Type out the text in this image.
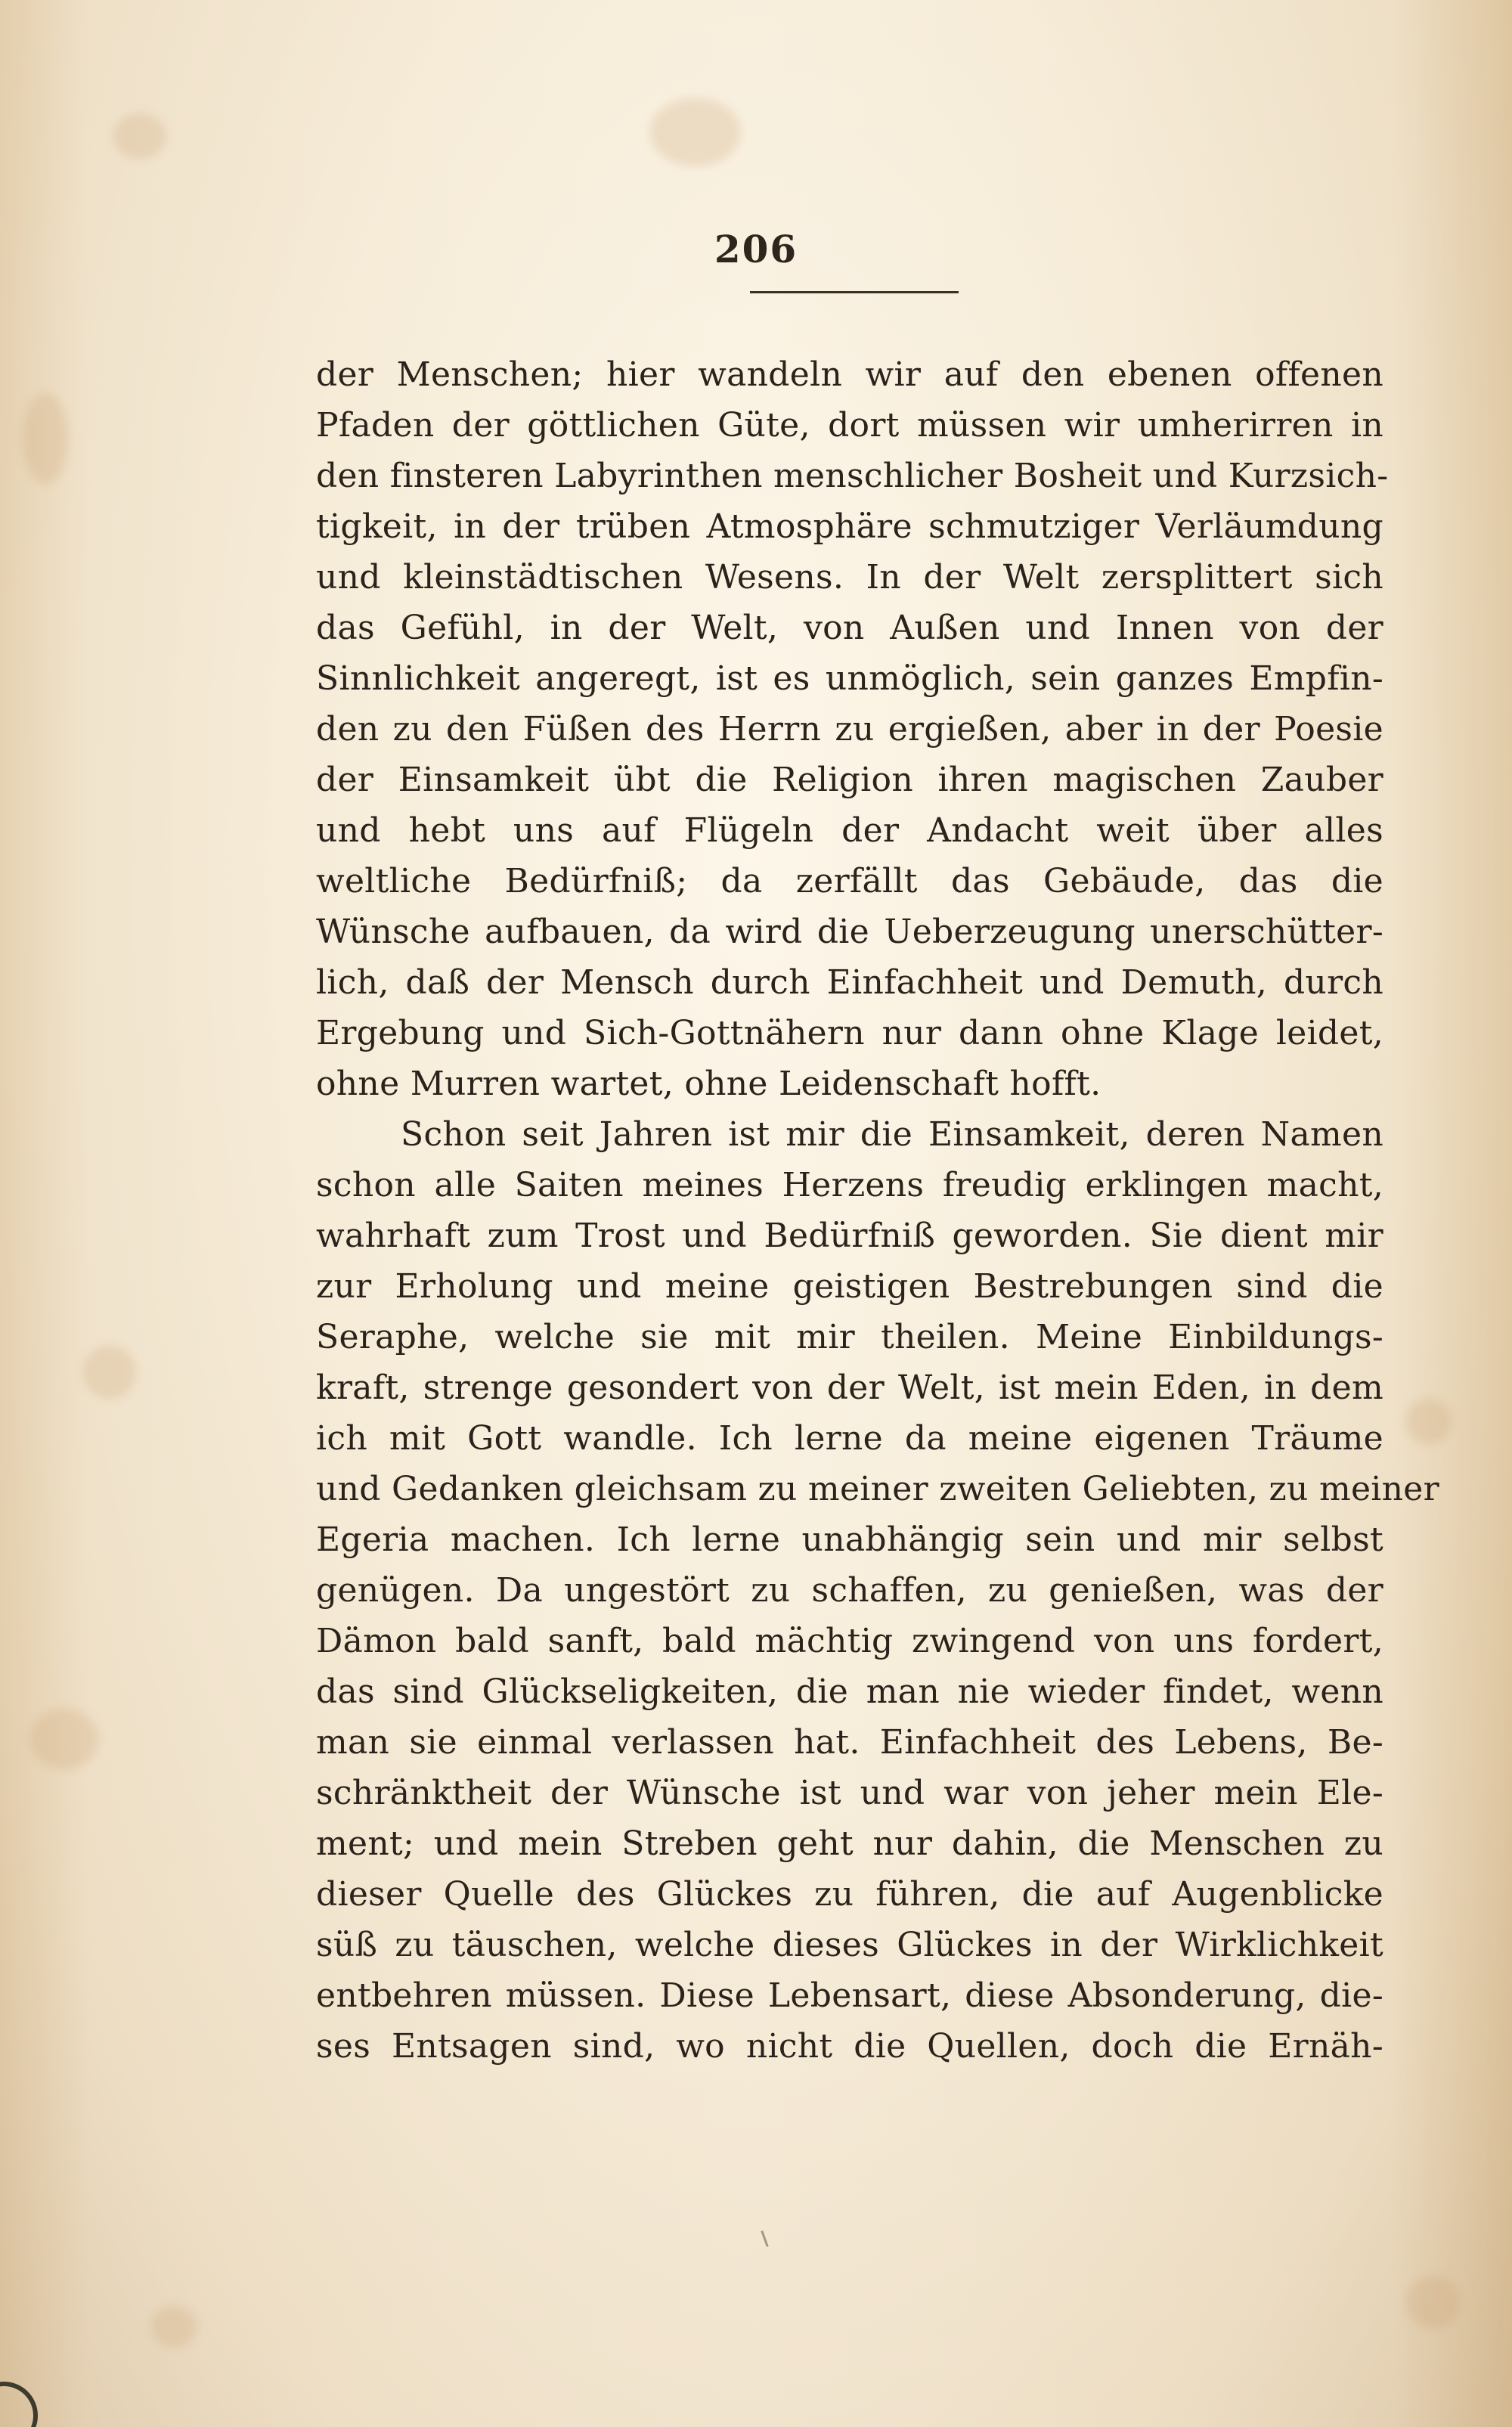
206
der Menschen; hier wandeln wir auf den ebenen offenen
Pfaden der göttlichen Güte, dort müssen wir umherirren in
den finsteren Labyrinthen menschlicher Bosheit und Kurzsich-
tigkeit, in der trüben Atmosphäre schmutziger Verläumdung
und kleinstädtischen Wesens. In der Welt zersplittert sich
das Gefühl, in der Welt, von Außen und Innen von der
Sinnlichkeit angeregt, ist es unmöglich, sein ganzes Empfin-
den zu den Füßen des Herrn zu ergießen, aber in der Poesie
der Einsamkeit übt die Religion ihren magischen Zauber
und hebt uns auf Flügeln der Andacht weit über alles
weltliche Bedürfniß; da zerfällt das Gebäude, das die
Wünsche aufbauen, da wird die Ueberzeugung unerschütter-
lich, daß der Mensch durch Einfachheit und Demuth, durch
Ergebung und Sich-Gottnähern nur dann ohne Klage leidet,
ohne Murren wartet, ohne Leidenschaft hofft.
Schon seit Jahren ist mir die Einsamkeit, deren Namen
schon alle Saiten meines Herzens freudig erklingen macht,
wahrhaft zum Trost und Bedürfniß geworden. Sie dient mir
zur Erholung und meine geistigen Bestrebungen sind die
Seraphe, welche sie mit mir theilen. Meine Einbildungs-
kraft, strenge gesondert von der Welt, ist mein Eden, in dem
ich mit Gott wandle. Ich lerne da meine eigenen Träume
und Gedanken gleichsam zu meiner zweiten Geliebten, zu meiner
Egeria machen. Ich lerne unabhängig sein und mir selbst
genügen. Da ungestört zu schaffen, zu genießen, was der
Dämon bald sanft, bald mächtig zwingend von uns fordert,
das sind Glückseligkeiten, die man nie wieder findet, wenn
man sie einmal verlassen hat. Einfachheit des Lebens, Be-
schränktheit der Wünsche ist und war von jeher mein Ele-
ment; und mein Streben geht nur dahin, die Menschen zu
dieser Quelle des Glückes zu führen, die auf Augenblicke
süß zu täuschen, welche dieses Glückes in der Wirklichkeit
entbehren müssen. Diese Lebensart, diese Absonderung, die-
ses Entsagen sind, wo nicht die Quellen, doch die Ernäh-
